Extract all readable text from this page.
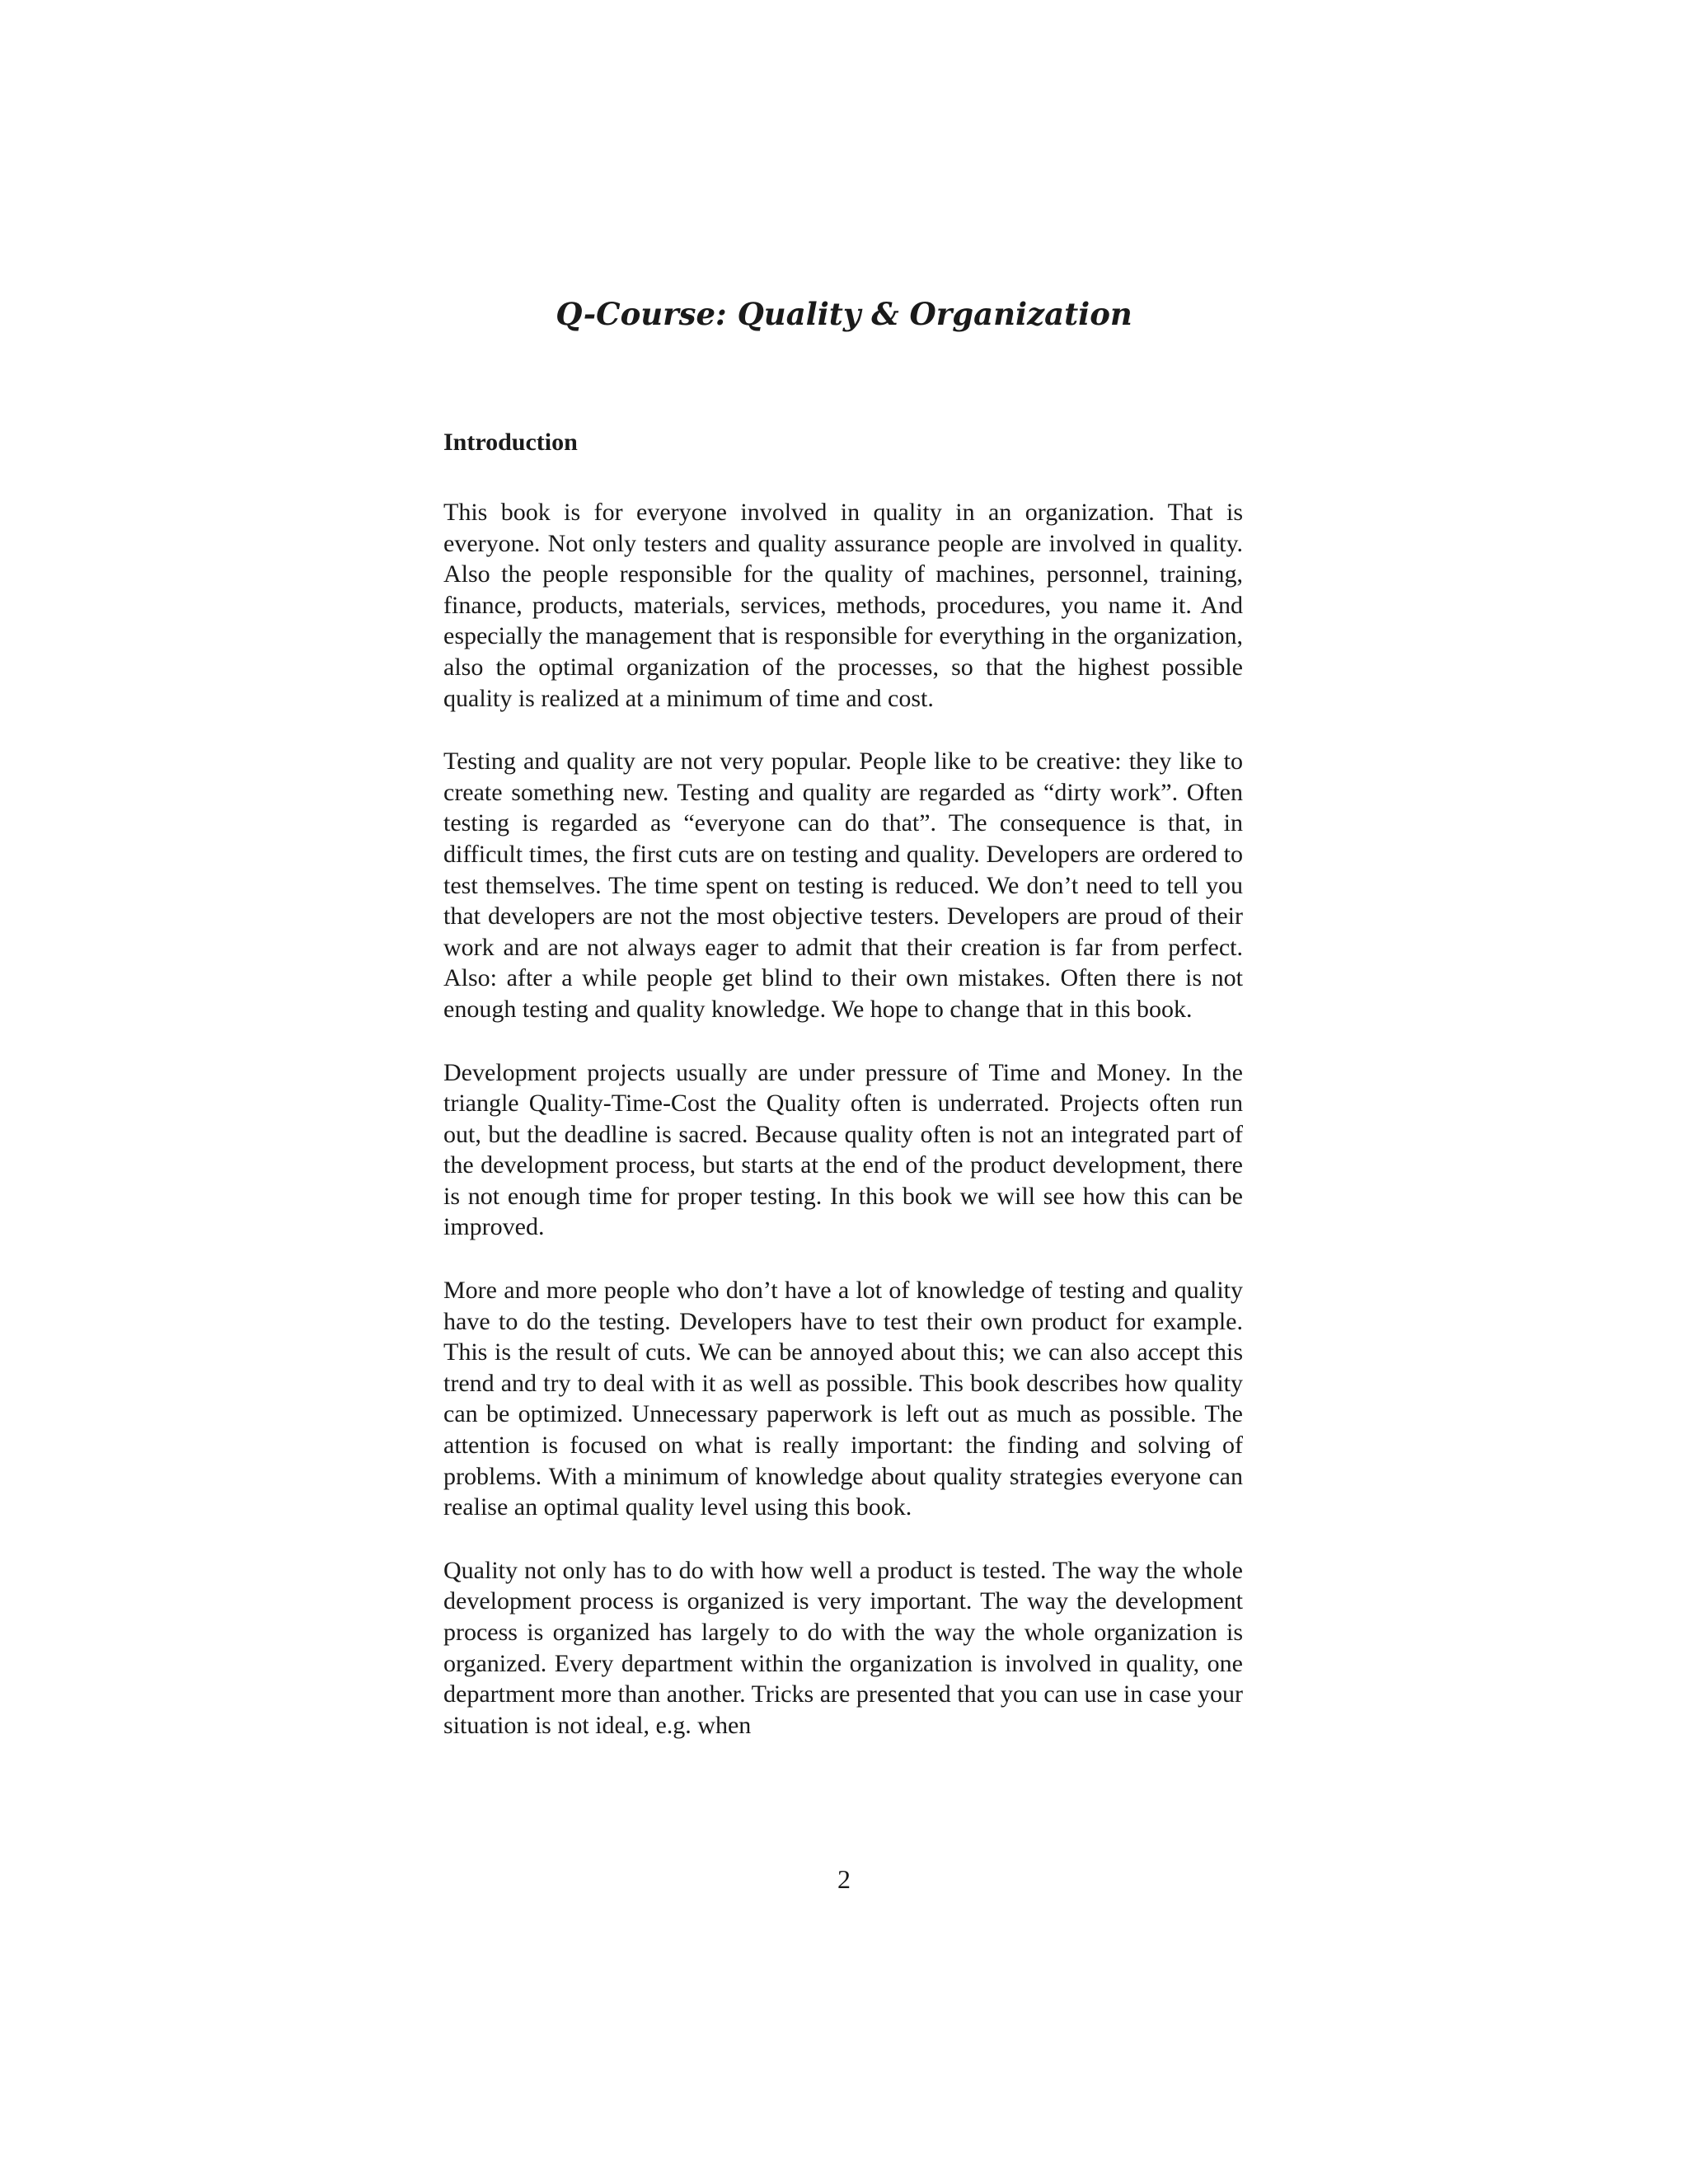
Q-Course: Quality & Organization
Introduction

This book is for everyone involved in quality in an organization. That is everyone. Not only testers and quality assurance people are involved in quality. Also the people responsible for the quality of machines, personnel, training, finance, products, materials, services, methods, procedures, you name it. And especially the management that is responsible for everything in the organization, also the optimal organization of the processes, so that the highest possible quality is realized at a minimum of time and cost.

Testing and quality are not very popular. People like to be creative: they like to create something new. Testing and quality are regarded as “dirty work”. Often testing is regarded as “everyone can do that”. The consequence is that, in difficult times, the first cuts are on testing and quality. Developers are ordered to test themselves. The time spent on testing is reduced. We don’t need to tell you that developers are not the most objective testers. Developers are proud of their work and are not always eager to admit that their creation is far from perfect. Also: after a while people get blind to their own mistakes. Often there is not enough testing and quality knowledge. We hope to change that in this book.

Development projects usually are under pressure of Time and Money. In the triangle Quality-Time-Cost the Quality often is underrated. Projects often run out, but the deadline is sacred. Because quality often is not an integrated part of the development process, but starts at the end of the product development, there is not enough time for proper testing. In this book we will see how this can be improved.

More and more people who don’t have a lot of knowledge of testing and quality have to do the testing. Developers have to test their own product for example. This is the result of cuts. We can be annoyed about this; we can also accept this trend and try to deal with it as well as possible. This book describes how quality can be optimized. Unnecessary paperwork is left out as much as possible. The attention is focused on what is really important: the finding and solving of problems. With a minimum of knowledge about quality strategies everyone can realise an optimal quality level using this book.

Quality not only has to do with how well a product is tested. The way the whole development process is organized is very important. The way the development process is organized has largely to do with the way the whole organization is organized. Every department within the organization is involved in quality, one department more than another. Tricks are presented that you can use in case your situation is not ideal, e.g. when

2
